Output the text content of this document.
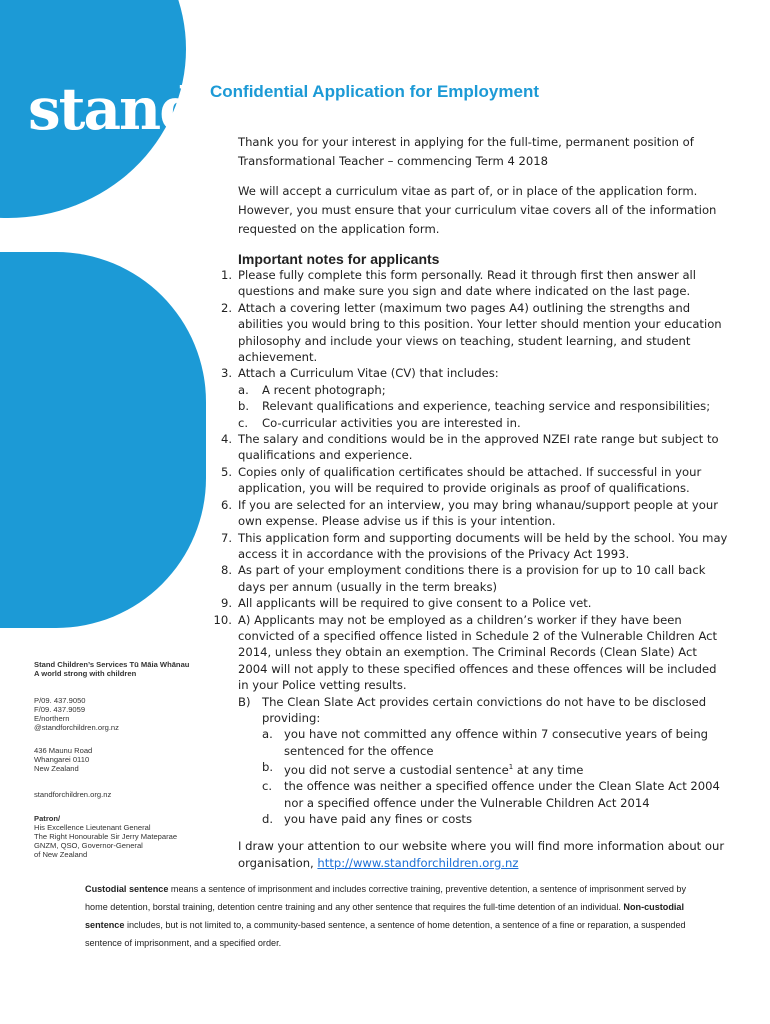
stand Confidential Application for Employment
Thank you for your interest in applying for the full-time, permanent position of Transformational Teacher – commencing Term 4 2018
We will accept a curriculum vitae as part of, or in place of the application form. However, you must ensure that your curriculum vitae covers all of the information requested on the application form.
Important notes for applicants
1. Please fully complete this form personally. Read it through first then answer all questions and make sure you sign and date where indicated on the last page.
2. Attach a covering letter (maximum two pages A4) outlining the strengths and abilities you would bring to this position. Your letter should mention your education philosophy and include your views on teaching, student learning, and student achievement.
3. Attach a Curriculum Vitae (CV) that includes:
a.	A recent photograph;
b.	Relevant qualifications and experience, teaching service and responsibilities;
c.	Co-curricular activities you are interested in.
4. The salary and conditions would be in the approved NZEI rate range but subject to qualifications and experience.
5. Copies only of qualification certificates should be attached. If successful in your application, you will be required to provide originals as proof of qualifications.
6. If you are selected for an interview, you may bring whanau/support people at your own expense. Please advise us if this is your intention.
7. This application form and supporting documents will be held by the school. You may access it in accordance with the provisions of the Privacy Act 1993.
8. As part of your employment conditions there is a provision for up to 10 call back days per annum (usually in the term breaks)
9. All applicants will be required to give consent to a Police vet.
10. A) Applicants may not be employed as a children’s worker if they have been convicted of a specified offence listed in Schedule 2 of the Vulnerable Children Act 2014, unless they obtain an exemption. The Criminal Records (Clean Slate) Act 2004 will not apply to these specified offences and these offences will be included in your Police vetting results.
B) The Clean Slate Act provides certain convictions do not have to be disclosed providing:
a. you have not committed any offence within 7 consecutive years of being sentenced for the offence
b. you did not serve a custodial sentence$^1$ at any time
c.	the offence was neither a specified offence under the Clean Slate Act 2004 nor a specified offence under the Vulnerable Children Act 2014
d. you have paid any fines or costs
Stand Children’s Services Tū Māia Whānau
A world strong with children
P/09. 437.9050
F/09. 437.9059
E/northern
@standforchildren.org.nz
436 Maunu Road
Whangarei 0110
New Zealand
standforchildren.org.nz
Patron/
His Excellence Lieutenant General
The Right Honourable Sir Jerry Mateparae
GNZM, QSO, Governor-General
of New Zealand
I draw your attention to our website where you will find more information about our organisation, http://www.standforchildren.org.nz
Custodial sentence means a sentence of imprisonment and includes corrective training, preventive detention, a sentence of imprisonment served by home detention, borstal training, detention centre training and any other sentence that requires the full-time detention of an individual. Non-custodial sentence includes, but is not limited to, a community-based sentence, a sentence of home detention, a sentence of a fine or reparation, a suspended sentence of imprisonment, and a specified order.
